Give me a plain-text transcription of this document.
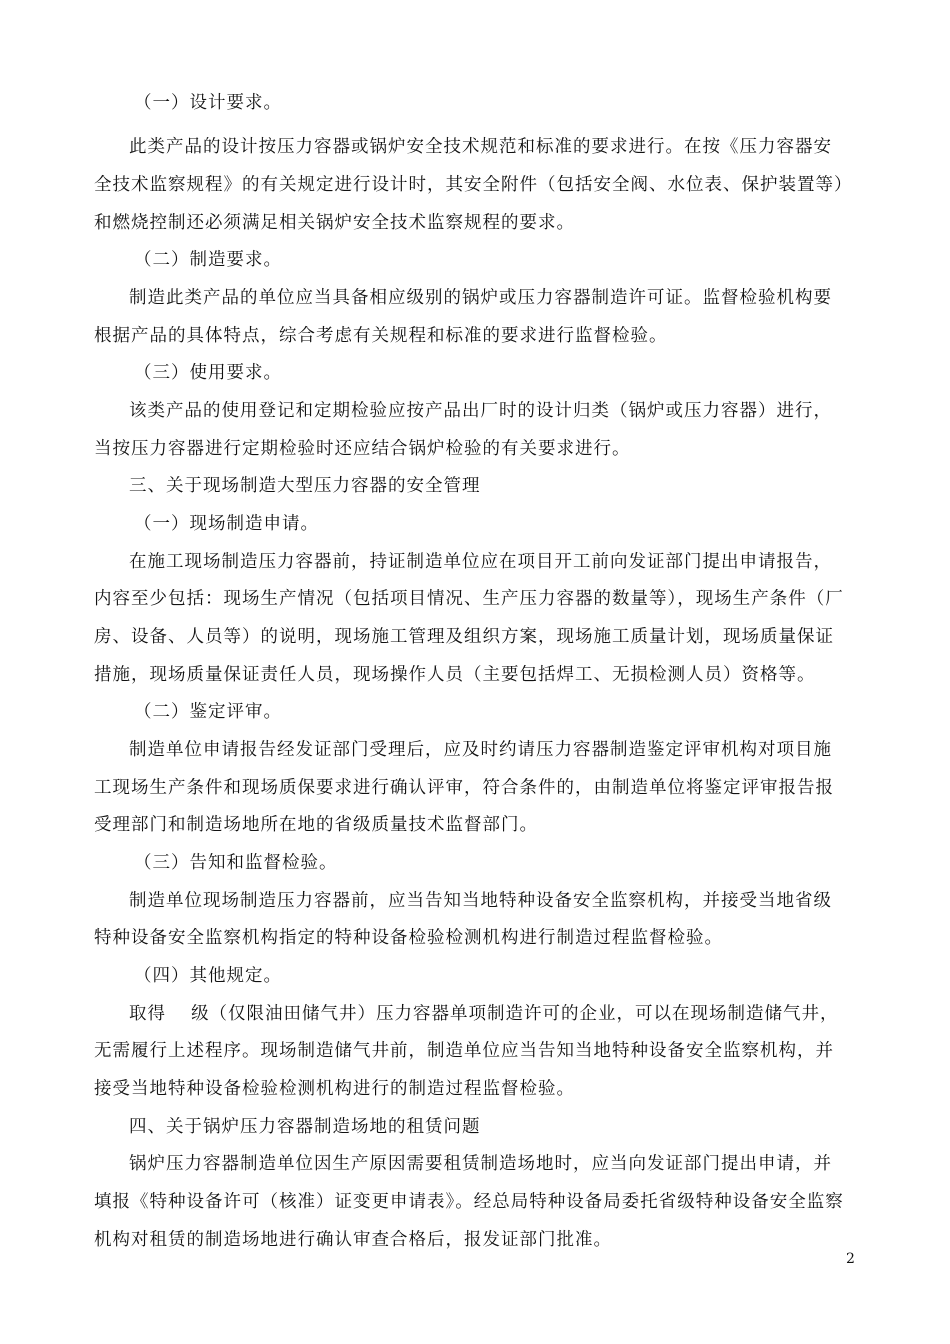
（一）设计要求。
此类产品的设计按压力容器或锅炉安全技术规范和标准的要求进行。在按《压力容器安
全技术监察规程》的有关规定进行设计时，其安全附件（包括安全阀、水位表、保护装置等）
和燃烧控制还必须满足相关锅炉安全技术监察规程的要求。
（二）制造要求。
制造此类产品的单位应当具备相应级别的锅炉或压力容器制造许可证。监督检验机构要
根据产品的具体特点，综合考虑有关规程和标准的要求进行监督检验。
（三）使用要求。
该类产品的使用登记和定期检验应按产品出厂时的设计归类（锅炉或压力容器）进行，
当按压力容器进行定期检验时还应结合锅炉检验的有关要求进行。
三、关于现场制造大型压力容器的安全管理
（一）现场制造申请。
在施工现场制造压力容器前，持证制造单位应在项目开工前向发证部门提出申请报告，
内容至少包括：现场生产情况（包括项目情况、生产压力容器的数量等），现场生产条件（厂
房、设备、人员等）的说明，现场施工管理及组织方案，现场施工质量计划，现场质量保证
措施，现场质量保证责任人员，现场操作人员（主要包括焊工、无损检测人员）资格等。
（二）鉴定评审。
制造单位申请报告经发证部门受理后，应及时约请压力容器制造鉴定评审机构对项目施
工现场生产条件和现场质保要求进行确认评审，符合条件的，由制造单位将鉴定评审报告报
受理部门和制造场地所在地的省级质量技术监督部门。
（三）告知和监督检验。
制造单位现场制造压力容器前，应当告知当地特种设备安全监察机构，并接受当地省级
特种设备安全监察机构指定的特种设备检验检测机构进行制造过程监督检验。
（四）其他规定。
取得　 级（仅限油田储气井）压力容器单项制造许可的企业，可以在现场制造储气井，
无需履行上述程序。现场制造储气井前，制造单位应当告知当地特种设备安全监察机构，并
接受当地特种设备检验检测机构进行的制造过程监督检验。
四、关于锅炉压力容器制造场地的租赁问题
锅炉压力容器制造单位因生产原因需要租赁制造场地时，应当向发证部门提出申请，并
填报《特种设备许可（核准）证变更申请表》。经总局特种设备局委托省级特种设备安全监察
机构对租赁的制造场地进行确认审查合格后，报发证部门批准。
2
